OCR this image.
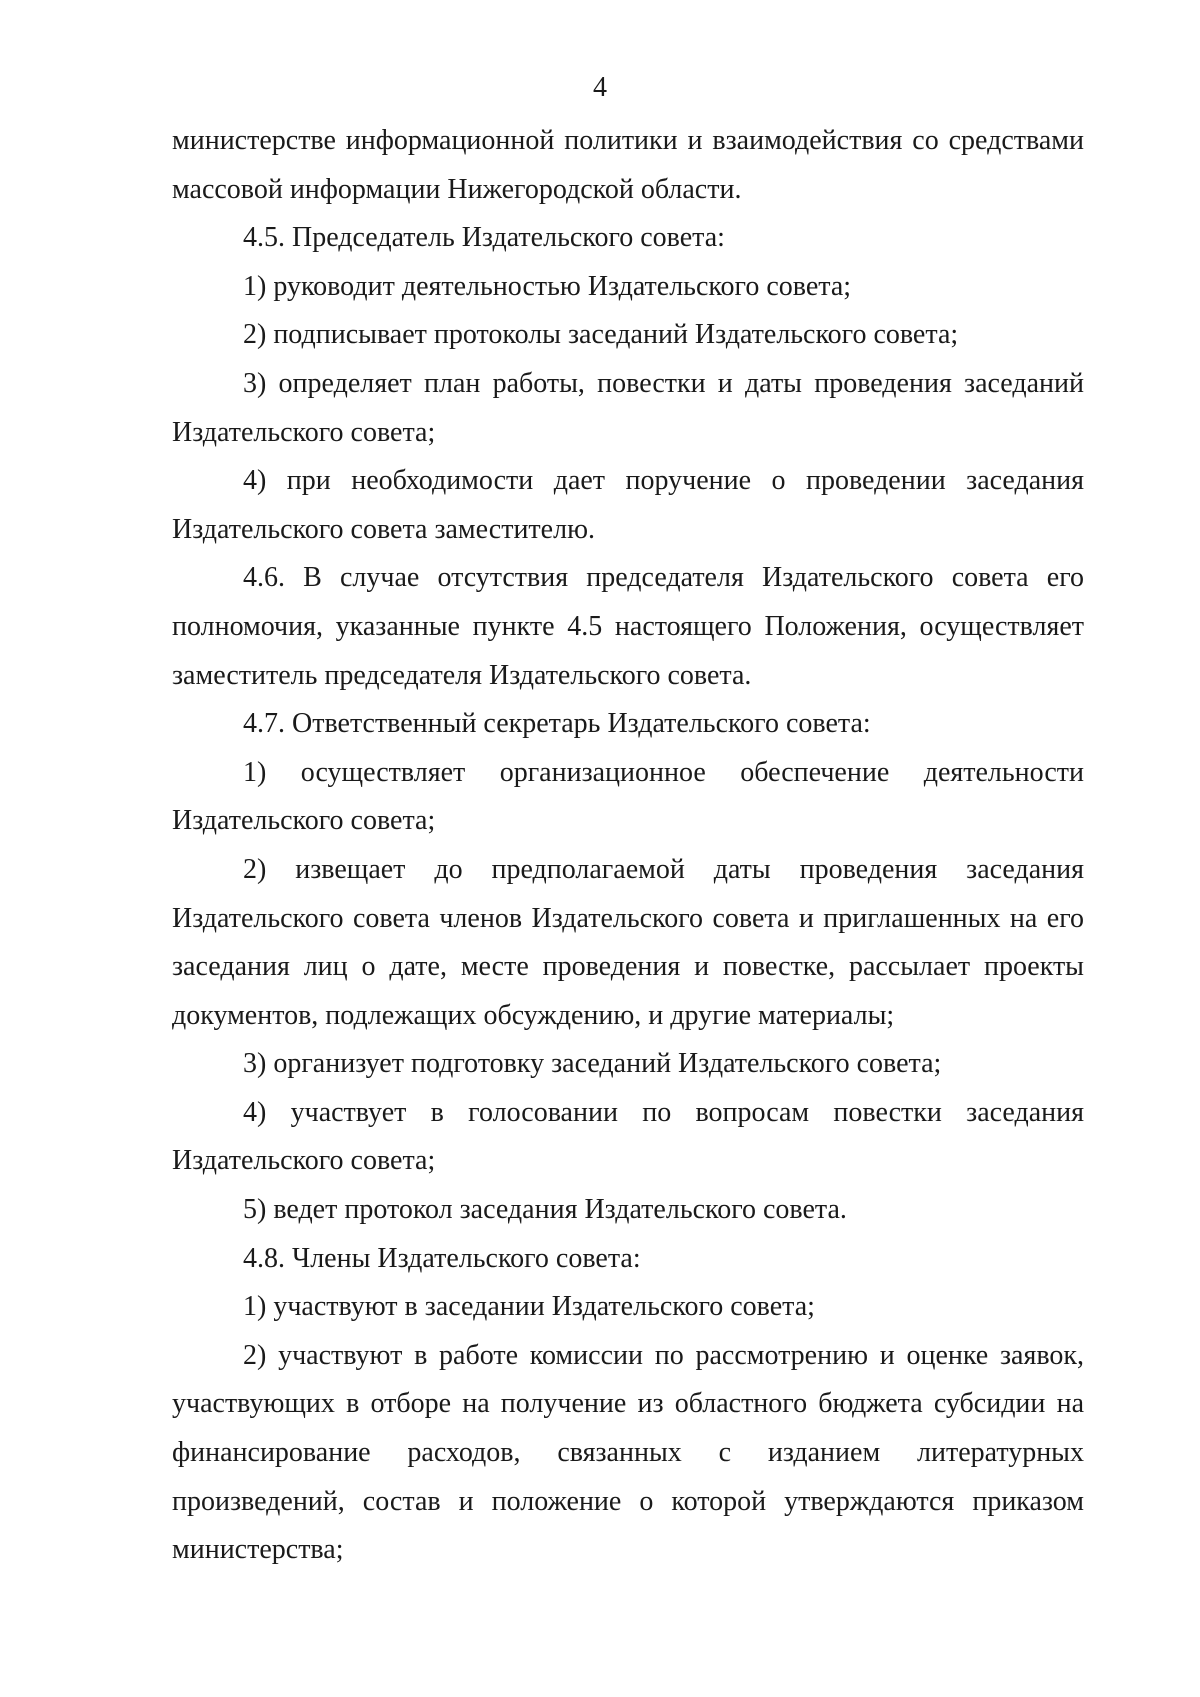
4

министерстве информационной политики и взаимодействия со средствами массовой информации Нижегородской области.

4.5. Председатель Издательского совета:

1) руководит деятельностью Издательского совета;

2) подписывает протоколы заседаний Издательского совета;

3) определяет план работы, повестки и даты проведения заседаний Издательского совета;

4) при необходимости дает поручение о проведении заседания Издательского совета заместителю.

4.6. В случае отсутствия председателя Издательского совета его полномочия, указанные пункте 4.5 настоящего Положения, осуществляет заместитель председателя Издательского совета.

4.7. Ответственный секретарь Издательского совета:

1) осуществляет организационное обеспечение деятельности Издательского совета;

2) извещает до предполагаемой даты проведения заседания Издательского совета членов Издательского совета и приглашенных на его заседания лиц о дате, месте проведения и повестке, рассылает проекты документов, подлежащих обсуждению, и другие материалы;

3) организует подготовку заседаний Издательского совета;

4) участвует в голосовании по вопросам повестки заседания Издательского совета;

5) ведет протокол заседания Издательского совета.

4.8. Члены Издательского совета:

1) участвуют в заседании Издательского совета;

2) участвуют в работе комиссии по рассмотрению и оценке заявок, участвующих в отборе на получение из областного бюджета субсидии на финансирование расходов, связанных с изданием литературных произведений, состав и положение о которой утверждаются приказом министерства;
